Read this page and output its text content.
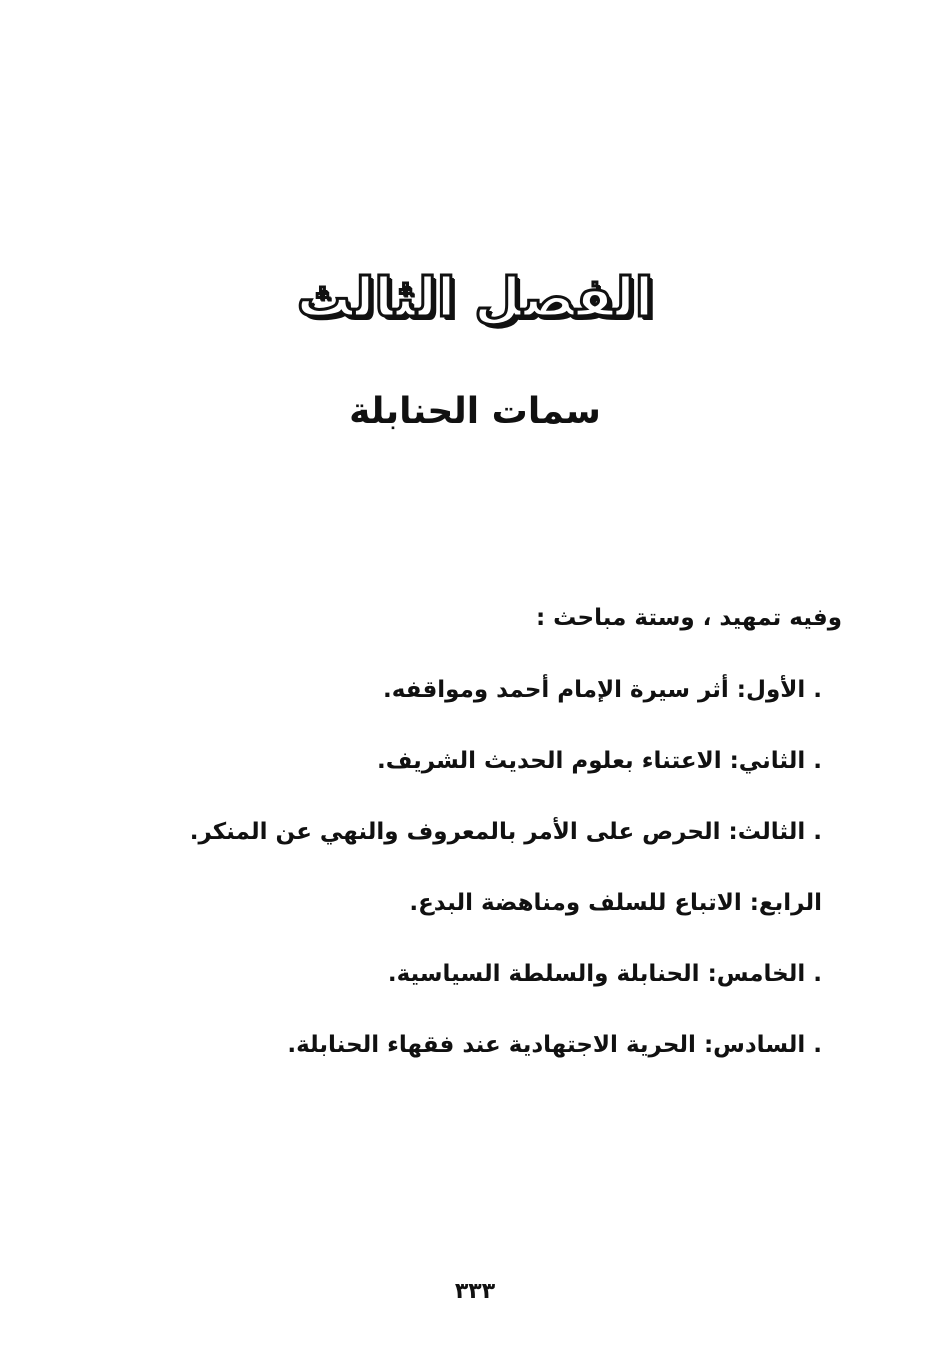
الفصل الثالث
سمات الحنابلة
وفيه تمهيد ، وستة مباحث :
. الأول: أثر سيرة الإمام أحمد ومواقفه.
. الثاني: الاعتناء بعلوم الحديث الشريف.
. الثالث: الحرص على الأمر بالمعروف والنهي عن المنكر.
الرابع: الاتباع للسلف ومناهضة البدع.
. الخامس: الحنابلة والسلطة السياسية.
. السادس: الحرية الاجتهادية عند فقهاء الحنابلة.
٣٣٣
